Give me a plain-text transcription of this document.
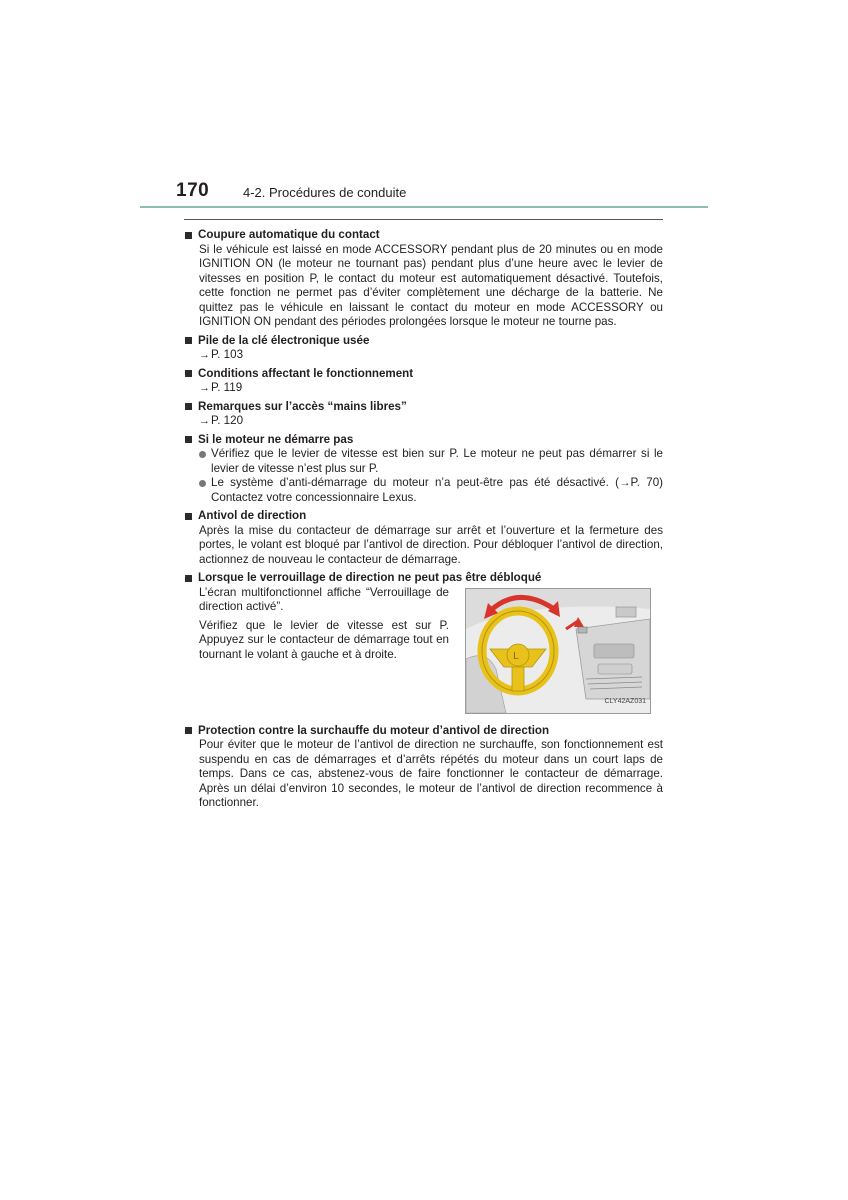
170	4-2. Procédures de conduite
Coupure automatique du contact
Si le véhicule est laissé en mode ACCESSORY pendant plus de 20 minutes ou en mode IGNITION ON (le moteur ne tournant pas) pendant plus d’une heure avec le levier de vitesses en position P, le contact du moteur est automatiquement désactivé. Toutefois, cette fonction ne permet pas d’éviter complètement une décharge de la batterie. Ne quittez pas le véhicule en laissant le contact du moteur en mode ACCESSORY ou IGNITION ON pendant des périodes prolongées lorsque le moteur ne tourne pas.
Pile de la clé électronique usée
→ P. 103
Conditions affectant le fonctionnement
→ P. 119
Remarques sur l’accès “mains libres”
→ P. 120
Si le moteur ne démarre pas
Vérifiez que le levier de vitesse est bien sur P. Le moteur ne peut pas démarrer si le levier de vitesse n’est plus sur P.
Le système d’anti-démarrage du moteur n’a peut-être pas été désactivé. (→P. 70) Contactez votre concessionnaire Lexus.
Antivol de direction
Après la mise du contacteur de démarrage sur arrêt et l’ouverture et la fermeture des portes, le volant est bloqué par l’antivol de direction. Pour débloquer l’antivol de direction, actionnez de nouveau le contacteur de démarrage.
Lorsque le verrouillage de direction ne peut pas être débloqué

L’écran multifonctionnel affiche “Verrouillage de direction activé”.

Vérifiez que le levier de vitesse est sur P. Appuyez sur le contacteur de démarrage tout en tournant le volant à gauche et à droite.	L
CLY42AZ031
Protection contre la surchauffe du moteur d’antivol de direction
Pour éviter que le moteur de l’antivol de direction ne surchauffe, son fonctionnement est suspendu en cas de démarrages et d’arrêts répétés du moteur dans un court laps de temps. Dans ce cas, abstenez-vous de faire fonctionner le contacteur de démarrage. Après un délai d’environ 10 secondes, le moteur de l’antivol de direction recommence à fonctionner.
